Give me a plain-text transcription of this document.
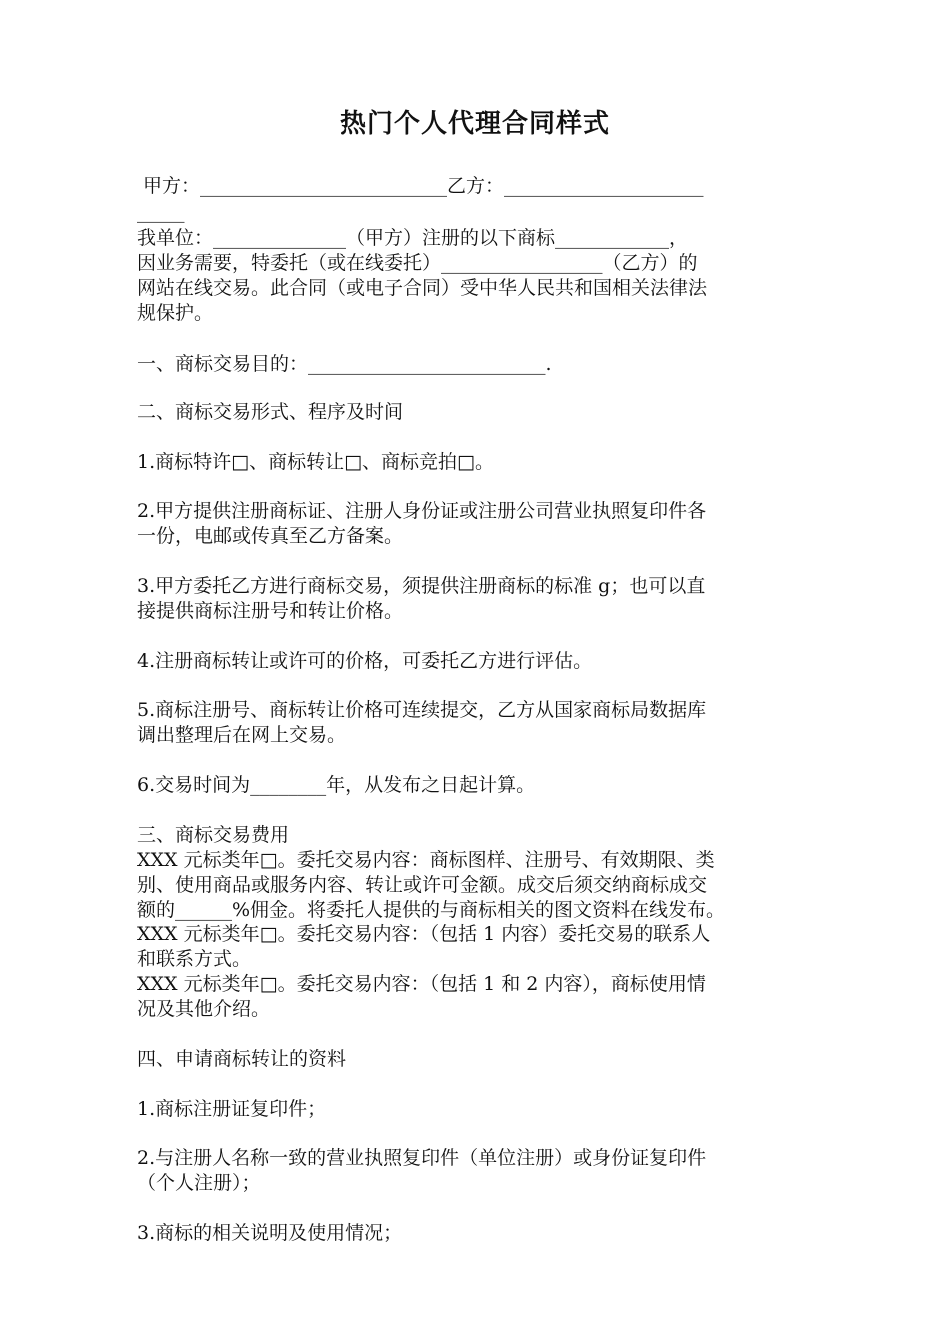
热门个人代理合同样式
甲方：__________________________乙方：_____________________
_____
我单位：______________（甲方）注册的以下商标____________，
因业务需要，特委托（或在线委托）_________________（乙方）的
网站在线交易。此合同（或电子合同）受中华人民共和国相关法律法
规保护。
一、商标交易目的：_________________________.
二、商标交易形式、程序及时间
1.商标特许□、商标转让□、商标竞拍□。
2.甲方提供注册商标证、注册人身份证或注册公司营业执照复印件各
一份，电邮或传真至乙方备案。
3.甲方委托乙方进行商标交易，须提供注册商标的标准 g；也可以直
接提供商标注册号和转让价格。
4.注册商标转让或许可的价格，可委托乙方进行评估。
5.商标注册号、商标转让价格可连续提交，乙方从国家商标局数据库
调出整理后在网上交易。
6.交易时间为________年，从发布之日起计算。
三、商标交易费用
XXX 元标类年□。委托交易内容：商标图样、注册号、有效期限、类
别、使用商品或服务内容、转让或许可金额。成交后须交纳商标成交
额的______%佣金。将委托人提供的与商标相关的图文资料在线发布。
XXX 元标类年□。委托交易内容：（包括 1 内容）委托交易的联系人
和联系方式。
XXX 元标类年□。委托交易内容：（包括 1 和 2 内容），商标使用情
况及其他介绍。
四、申请商标转让的资料
1.商标注册证复印件；
2.与注册人名称一致的营业执照复印件（单位注册）或身份证复印件
（个人注册）；
3.商标的相关说明及使用情况；
